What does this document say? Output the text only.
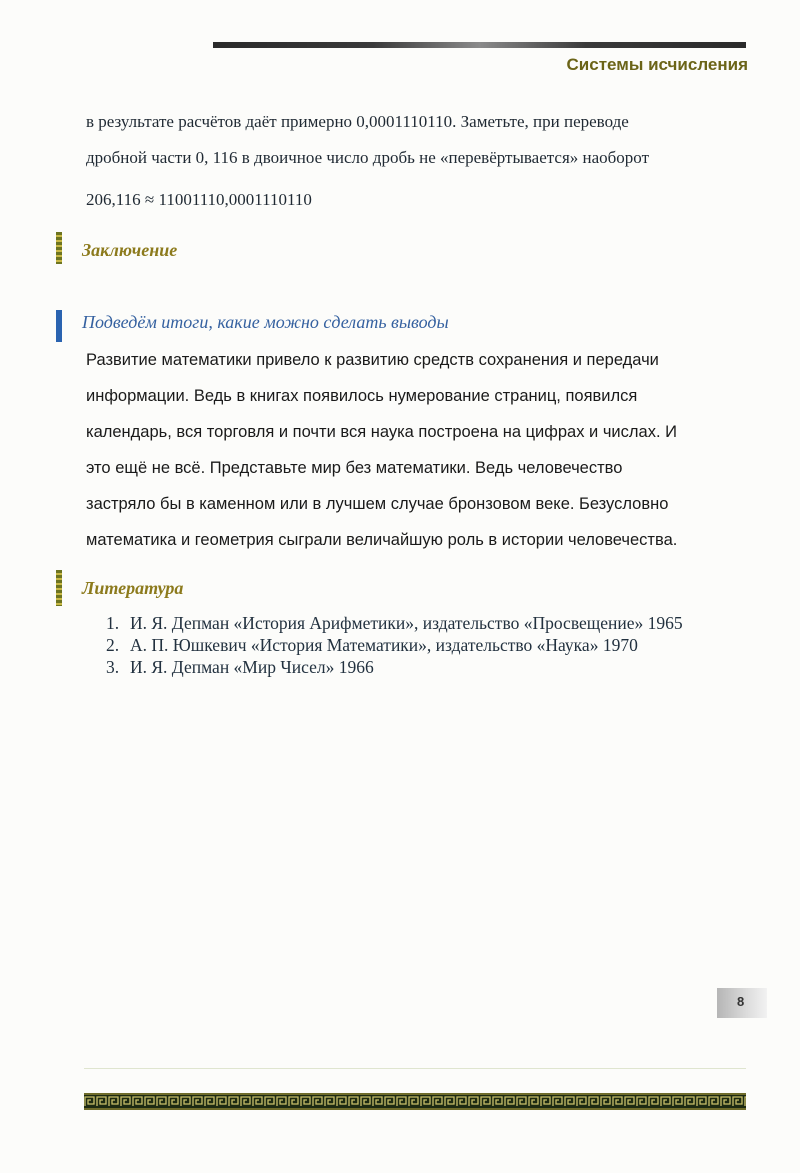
Системы исчисления
в результате расчётов даёт примерно 0,0001110110. Заметьте, при переводе
дробной части 0, 116 в двоичное число дробь не «перевёртывается» наоборот
206,116 ≈ 11001110,0001110110
Заключение
Подведём итоги, какие можно сделать выводы
Развитие математики привело к развитию средств сохранения и передачи
информации. Ведь в книгах появилось нумерование страниц, появился
календарь, вся торговля и почти вся наука построена на цифрах и числах. И
это ещё не всё. Представьте мир без математики. Ведь человечество
застряло бы в каменном или в лучшем случае бронзовом веке. Безусловно
математика и геометрия сыграли величайшую роль в истории человечества.
Литература
1. И. Я. Депман «История Арифметики», издательство «Просвещение» 1965
2. А. П. Юшкевич «История Математики», издательство «Наука» 1970
3. И. Я. Депман «Мир Чисел» 1966
8
